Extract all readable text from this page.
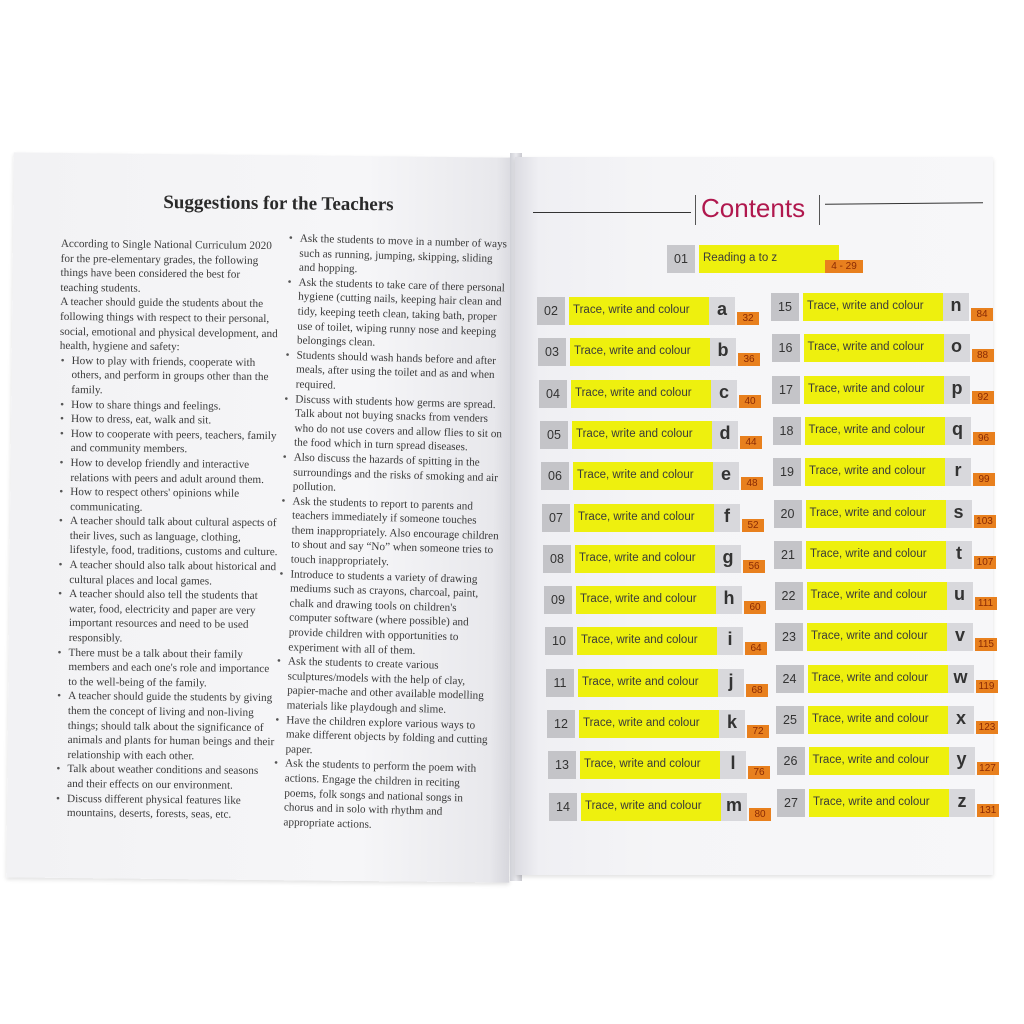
Suggestions for the Teachers

According to Single National Curriculum 2020 for the pre-elementary grades, the following things have been considered the best for teaching students.

A teacher should guide the students about the following things with respect to their personal, social, emotional and physical development, and health, hygiene and safety:

• How to play with friends, cooperate with others, and perform in groups other than the family.
• How to share things and feelings.
• How to dress, eat, walk and sit.
• How to cooperate with peers, teachers, family and community members.
• How to develop friendly and interactive relations with peers and adult around them.
• How to respect others' opinions while communicating.
• A teacher should talk about cultural aspects of their lives, such as language, clothing, lifestyle, food, traditions, customs and culture.
• A teacher should also talk about historical and cultural places and local games.
• A teacher should also tell the students that water, food, electricity and paper are very important resources and need to be used responsibly.
• There must be a talk about their family members and each one's role and importance to the well-being of the family.
• A teacher should guide the students by giving them the concept of living and non-living things; should talk about the significance of animals and plants for human beings and their relationship with each other.
• Talk about weather conditions and seasons and their effects on our environment.
• Discuss different physical features like mountains, deserts, forests, seas, etc.
• Ask the students to move in a number of ways such as running, jumping, skipping, sliding and hopping.
• Ask the students to take care of there personal hygiene (cutting nails, keeping hair clean and tidy, keeping teeth clean, taking bath, proper use of toilet, wiping runny nose and keeping belongings clean.
• Students should wash hands before and after meals, after using the toilet and as and when required.
• Discuss with students how germs are spread. Talk about not buying snacks from venders who do not use covers and allow flies to sit on the food which in turn spread diseases.
• Also discuss the hazards of spitting in the surroundings and the risks of smoking and air pollution.
• Ask the students to report to parents and teachers immediately if someone touches them inappropriately. Also encourage children to shout and say “No” when someone tries to touch inappropriately.
• Introduce to students a variety of drawing mediums such as crayons, charcoal, paint, chalk and drawing tools on children's computer software (where possible) and provide children with opportunities to experiment with all of them.
• Ask the students to create various sculptures/models with the help of clay, papier-mache and other available modelling materials like playdough and slime.
• Have the children explore various ways to make different objects by folding and cutting paper.
• Ask the students to perform the poem with actions. Engage the children in reciting poems, folk songs and national songs in chorus and in solo with rhythm and appropriate actions.
Contents
01	Reading a to z
4 - 29
02	Trace, write and colour	a	32
03	Trace, write and colour	b	36
04	Trace, write and colour	c	40
05	Trace, write and colour	d	44
06	Trace, write and colour	e	48
07	Trace, write and colour	f	52
08	Trace, write and colour	g	56
09	Trace, write and colour	h	60
10	Trace, write and colour	i	64
11	Trace, write and colour	j	68
12	Trace, write and colour	k	72
13	Trace, write and colour	l	76
14	Trace, write and colour	m	80
15	Trace, write and colour	n	84
16	Trace, write and colour	o	88
17	Trace, write and colour	p	92
18	Trace, write and colour	q	96
19	Trace, write and colour	r	99
20	Trace, write and colour	s	103
21	Trace, write and colour	t	107
22	Trace, write and colour	u	111
23	Trace, write and colour	v	115
24	Trace, write and colour	w	119
25	Trace, write and colour	x	123
26	Trace, write and colour	y	127
27	Trace, write and colour	z	131
